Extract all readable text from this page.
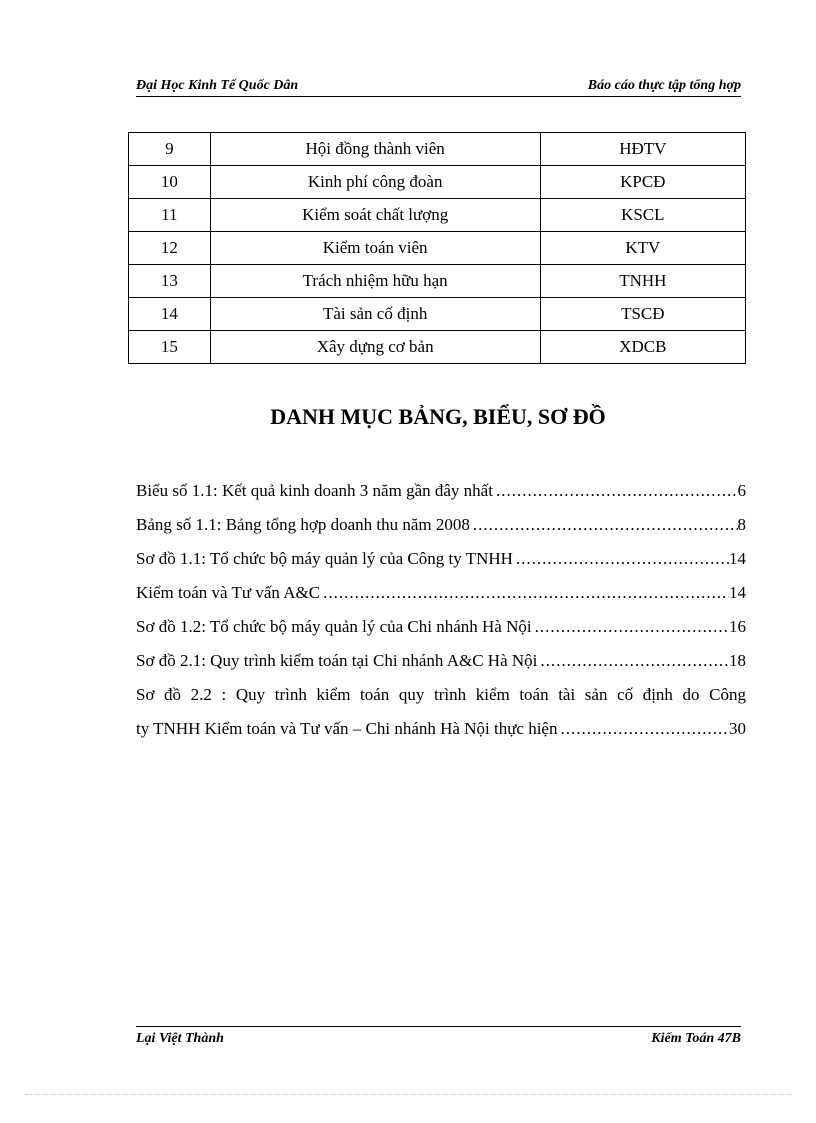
Đại Học Kinh Tế Quốc Dân	Báo cáo thực tập tổng hợp
9	Hội đồng thành viên	HĐTV
10	Kinh phí công đoàn	KPCĐ
11	Kiểm soát chất lượng	KSCL
12	Kiểm toán viên	KTV
13	Trách nhiệm hữu hạn	TNHH
14	Tài sản cố định	TSCĐ
15	Xây dựng cơ bản	XDCB
DANH MỤC BẢNG, BIỂU, SƠ ĐỒ
Biểu số 1.1: Kết quả kinh doanh 3 năm gần đây nhất .....	6
Bảng số 1.1: Bảng tổng hợp doanh thu năm 2008 .....	8
Sơ đồ 1.1: Tổ chức bộ máy quản lý của Công ty TNHH .....	14
Kiểm toán và Tư vấn A&C .....	14
Sơ đồ 1.2: Tổ chức bộ máy quản lý của Chi nhánh Hà Nội .....	16
Sơ đồ 2.1: Quy trình kiểm toán tại Chi nhánh A&C Hà Nội .....	18
Sơ đồ 2.2 : Quy trình kiểm toán quy trình kiểm toán tài sản cố định do Công
ty TNHH Kiểm toán và Tư vấn – Chi nhánh Hà Nội thực hiện .....	30
Lại Việt Thành	Kiểm Toán 47B
